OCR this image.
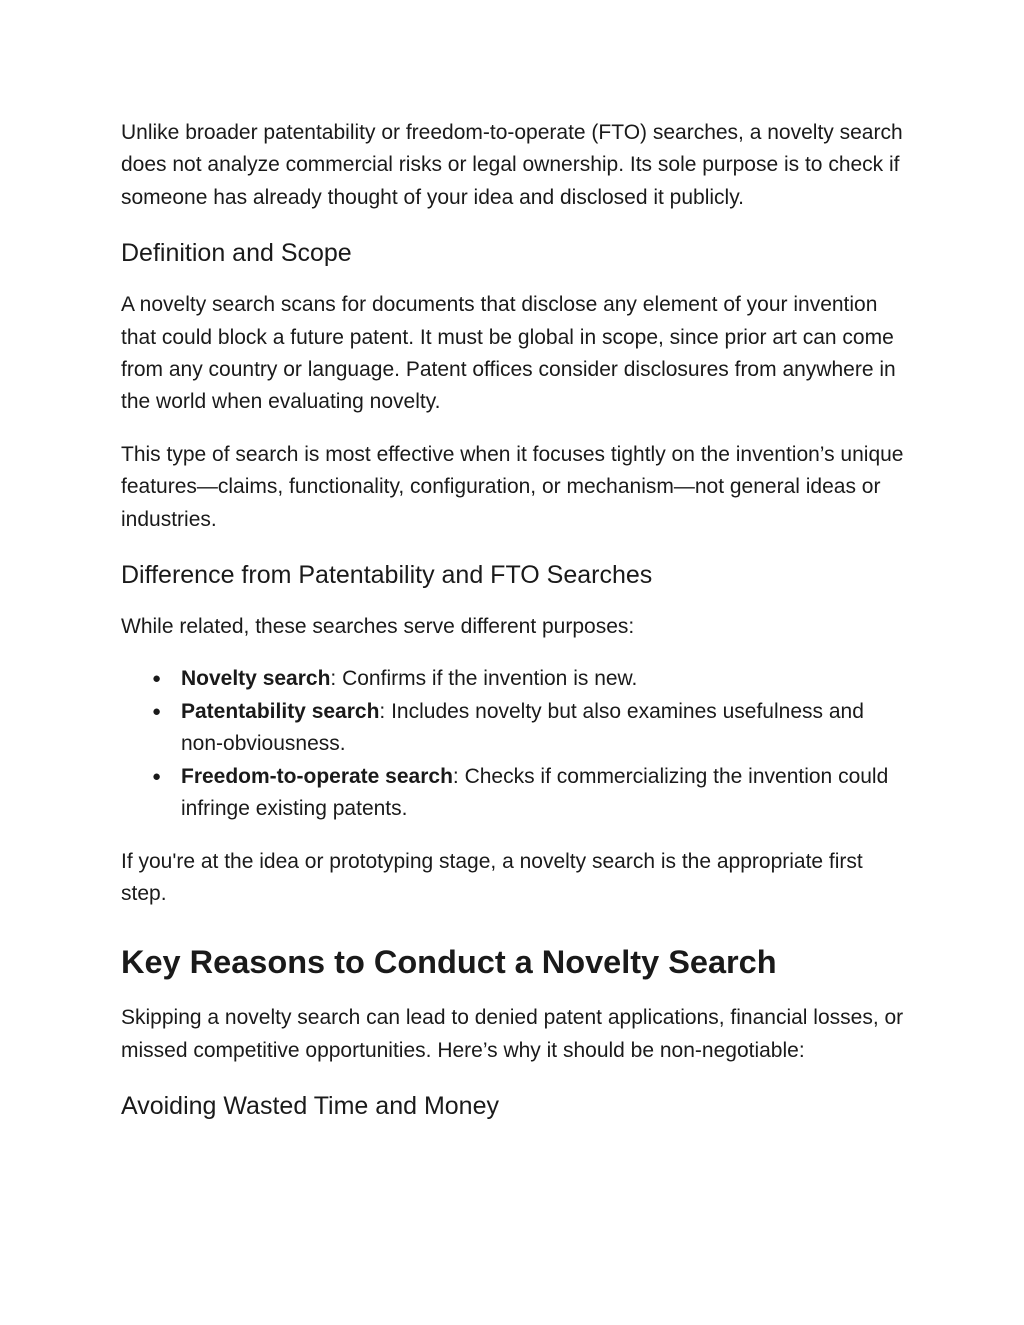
Unlike broader patentability or freedom-to-operate (FTO) searches, a novelty search does not analyze commercial risks or legal ownership. Its sole purpose is to check if someone has already thought of your idea and disclosed it publicly.

Definition and Scope

A novelty search scans for documents that disclose any element of your invention that could block a future patent. It must be global in scope, since prior art can come from any country or language. Patent offices consider disclosures from anywhere in the world when evaluating novelty.

This type of search is most effective when it focuses tightly on the invention’s unique features—claims, functionality, configuration, or mechanism—not general ideas or industries.

Difference from Patentability and FTO Searches

While related, these searches serve different purposes:

● Novelty search: Confirms if the invention is new.
● Patentability search: Includes novelty but also examines usefulness and non-obviousness.
● Freedom-to-operate search: Checks if commercializing the invention could infringe existing patents.

If you're at the idea or prototyping stage, a novelty search is the appropriate first step.

Key Reasons to Conduct a Novelty Search

Skipping a novelty search can lead to denied patent applications, financial losses, or missed competitive opportunities. Here’s why it should be non-negotiable:

Avoiding Wasted Time and Money
